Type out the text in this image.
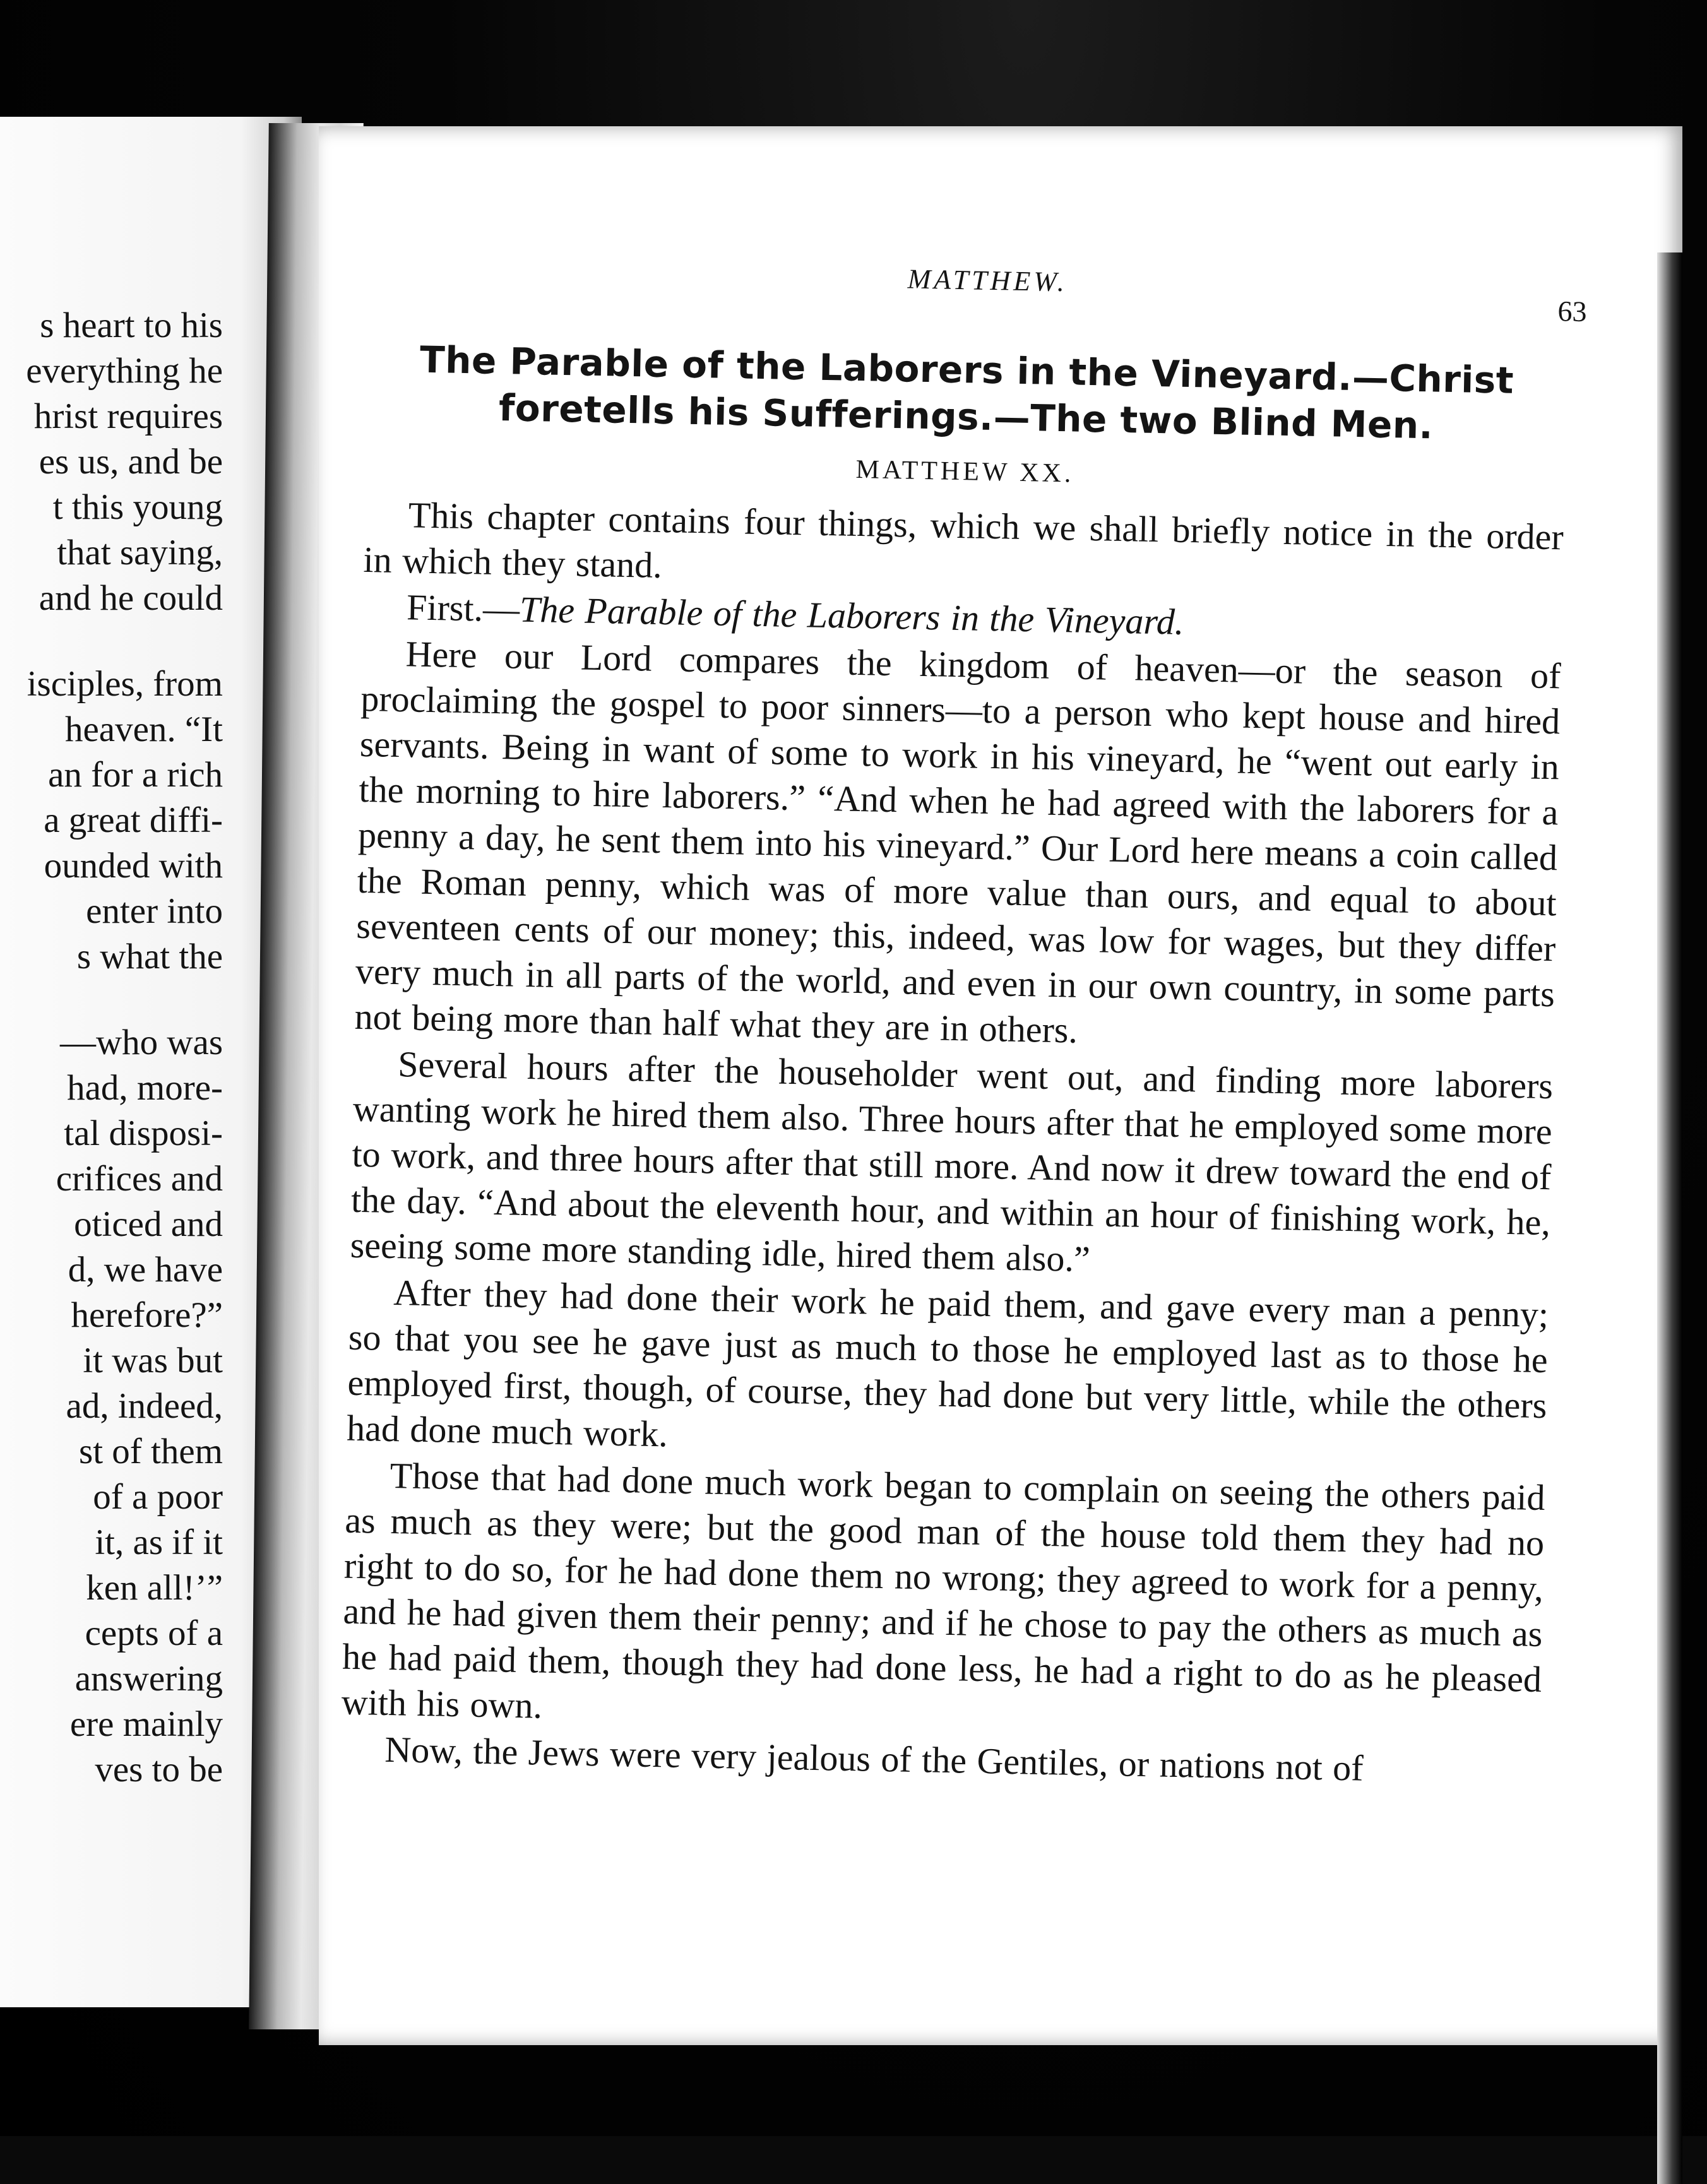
s heart to his
everything he
hrist requires
es us, and be
t this young
that saying,
and he could
isciples, from
heaven. “It
an for a rich
a great diffi-
ounded with
enter into
s what the
—who was
had, more-
tal disposi-
crifices and
oticed and
d, we have
herefore?”
it was but
ad, indeed,
st of them
of a poor
it, as if it
ken all!’”
cepts of a
answering
ere mainly
ves to be
MATTHEW.
63
The Parable of the Laborers in the Vineyard.—Christ foretells his Sufferings.—The two Blind Men.
MATTHEW XX.

This chapter contains four things, which we shall briefly notice in the order in which they stand.

First.—The Parable of the Laborers in the Vineyard.

Here our Lord compares the kingdom of heaven—or the season of proclaiming the gospel to poor sinners—to a person who kept house and hired servants. Being in want of some to work in his vineyard, he “went out early in the morning to hire laborers.” “And when he had agreed with the laborers for a penny a day, he sent them into his vineyard.” Our Lord here means a coin called the Roman penny, which was of more value than ours, and equal to about seventeen cents of our money; this, indeed, was low for wages, but they differ very much in all parts of the world, and even in our own country, in some parts not being more than half what they are in others.

Several hours after the householder went out, and finding more laborers wanting work he hired them also. Three hours after that he employed some more to work, and three hours after that still more. And now it drew toward the end of the day. “And about the eleventh hour, and within an hour of finishing work, he, seeing some more standing idle, hired them also.”

After they had done their work he paid them, and gave every man a penny; so that you see he gave just as much to those he employed last as to those he employed first, though, of course, they had done but very little, while the others had done much work.

Those that had done much work began to complain on seeing the others paid as much as they were; but the good man of the house told them they had no right to do so, for he had done them no wrong; they agreed to work for a penny, and he had given them their penny; and if he chose to pay the others as much as he had paid them, though they had done less, he had a right to do as he pleased with his own.

Now, the Jews were very jealous of the Gentiles, or nations not of
